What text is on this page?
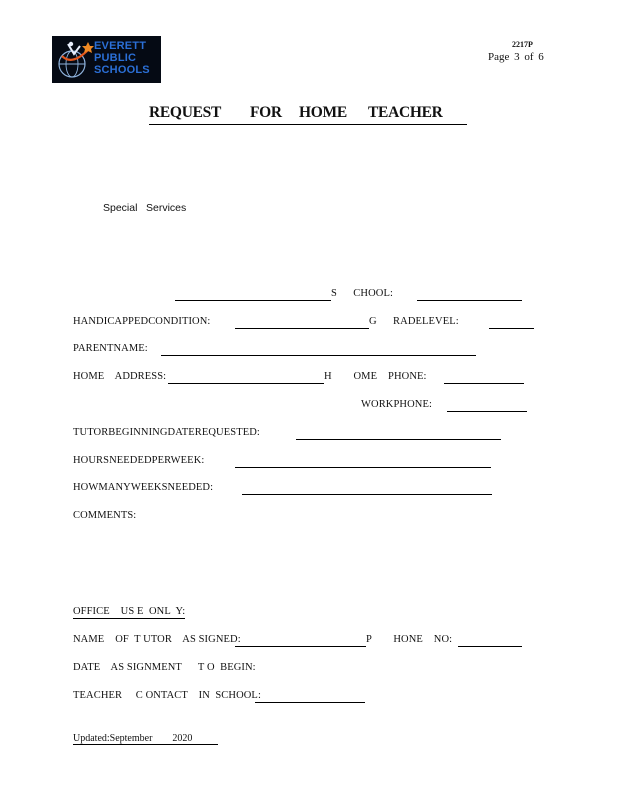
EVERETT
PUBLIC
SCHOOLS
2217P
Page 3 of 6
REQUEST FOR HOME TEACHER
Special Services
S      CHOOL:
HANDICAPPEDCONDITION:	G      RADELEVEL:
PARENTNAME:
HOME    ADDRESS:	H        OME    PHONE:
WORKPHONE:
TUTORBEGINNINGDATEREQUESTED:
HOURSNEEDEDPERWEEK:
HOWMANYWEEKSNEEDED:
COMMENTS:
OFFICE    US E  ONL  Y:
NAME    OF  T UTOR    AS SIGNED:	P        HONE    NO:
DATE    AS SIGNMENT      T O  BEGIN:
TEACHER     C ONTACT    IN  SCHOOL:
Updated:September        2020
